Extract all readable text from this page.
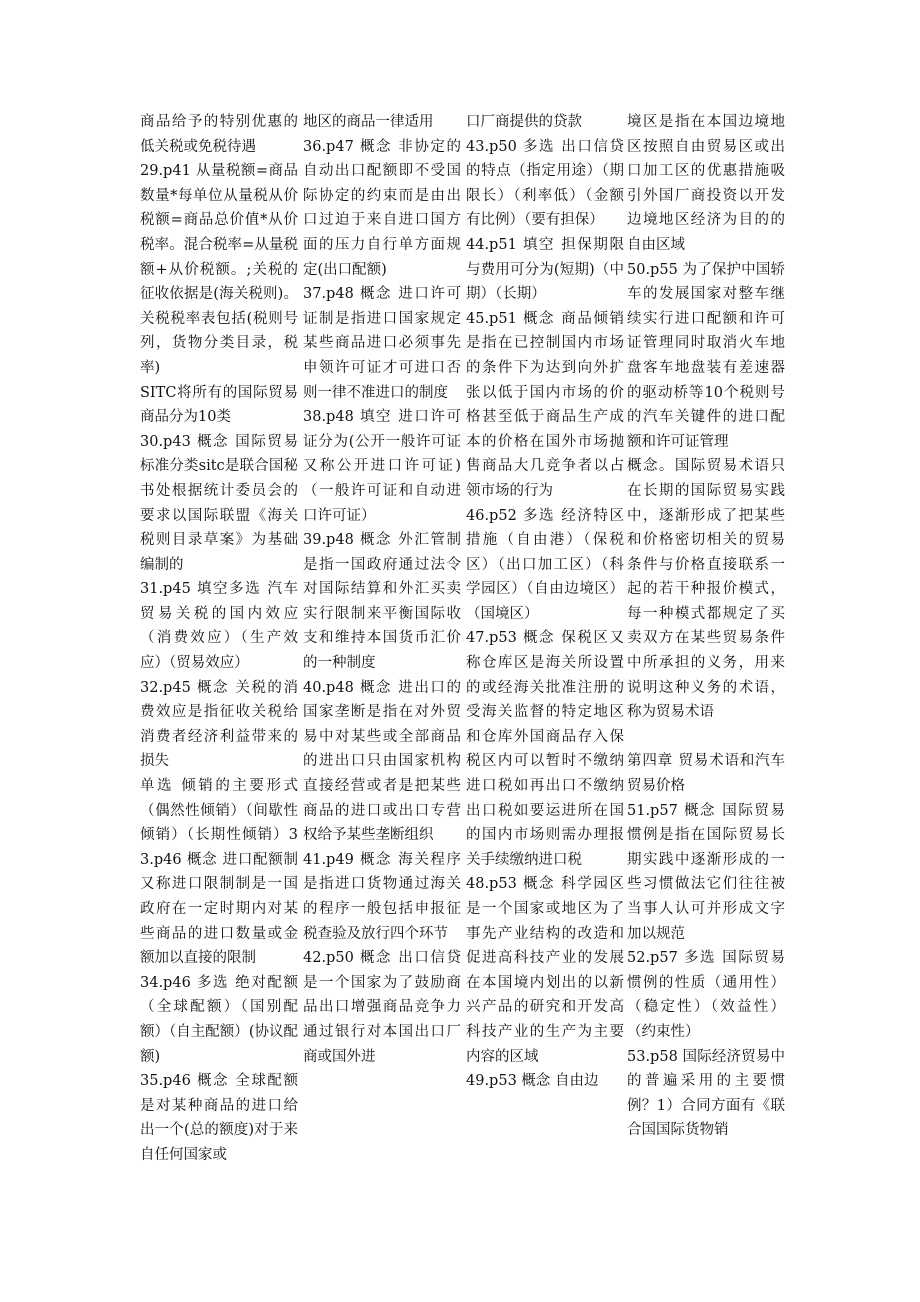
商品给予的特别优惠的低关税或免税待遇

29.p41 从量税额=商品数量*每单位从量税从价税额=商品总价值*从价税率。混合税率=从量税额+从价税额。;关税的征收依据是(海关税则)。关税税率表包括(税则号列，货物分类目录，税率)

SITC将所有的国际贸易商品分为10类

30.p43 概念 国际贸易标准分类sitc是联合国秘书处根据统计委员会的要求以国际联盟《海关税则目录草案》为基础编制的

31.p45 填空多选 汽车贸易关税的国内效应（消费效应）（生产效应）（贸易效应）

32.p45 概念 关税的消费效应是指征收关税给消费者经济利益带来的损失

单选 倾销的主要形式（偶然性倾销）（间歇性倾销）（长期性倾销）33.p46 概念 进口配额制又称进口限制制是一国政府在一定时期内对某些商品的进口数量或金额加以直接的限制

34.p46 多选 绝对配额（全球配额）（国别配额）（自主配额）(协议配额)

35.p46 概念 全球配额是对某种商品的进口给出一个(总的额度)对于来自任何国家或

地区的商品一律适用

36.p47 概念 非协定的自动出口配额即不受国际协定的约束而是由出口过迫于来自进口国方面的压力自行单方面规定(出口配额)

37.p48 概念 进口许可证制是指进口国家规定某些商品进口必须事先申领许可证才可进口否则一律不准进口的制度

38.p48 填空 进口许可证分为(公开一般许可证又称公开进口许可证)（一般许可证和自动进口许可证）

39.p48 概念 外汇管制是指一国政府通过法令对国际结算和外汇买卖实行限制来平衡国际收支和维持本国货币汇价的一种制度

40.p48 概念 进出口的国家垄断是指在对外贸易中对某些或全部商品的进出口只由国家机构直接经营或者是把某些商品的进口或出口专营权给予某些垄断组织

41.p49 概念 海关程序是指进口货物通过海关的程序一般包括申报征税查验及放行四个环节

42.p50 概念 出口信贷是一个国家为了鼓励商品出口增强商品竞争力通过银行对本国出口厂商或国外进

口厂商提供的贷款

43.p50 多选 出口信贷的特点（指定用途）（期限长）（利率低）（金额有比例）（要有担保）

44.p51 填空 担保期限与费用可分为(短期)（中期）（长期）

45.p51 概念 商品倾销是指在已控制国内市场的条件下为达到向外扩张以低于国内市场的价格甚至低于商品生产成本的价格在国外市场抛售商品大几竞争者以占领市场的行为

46.p52 多选 经济特区措施（自由港）（保税区）（出口加工区）（科学园区）（自由边境区）（国境区）

47.p53 概念 保税区又称仓库区是海关所设置的或经海关批准注册的受海关监督的特定地区和仓库外国商品存入保税区内可以暂时不缴纳进口税如再出口不缴纳出口税如要运进所在国的国内市场则需办理报关手续缴纳进口税

48.p53 概念 科学园区是一个国家或地区为了事先产业结构的改造和促进高科技产业的发展在本国境内划出的以新兴产品的研究和开发高科技产业的生产为主要内容的区域

49.p53 概念 自由边

境区是指在本国边境地区按照自由贸易区或出口加工区的优惠措施吸引外国厂商投资以开发边境地区经济为目的的自由区域

50.p55 为了保护中国轿车的发展国家对整车继续实行进口配额和许可证管理同时取消火车地盘客车地盘装有差速器的驱动桥等10个税则号的汽车关键件的进口配额和许可证管理

概念。国际贸易术语只在长期的国际贸易实践中，逐渐形成了把某些和价格密切相关的贸易条件与价格直接联系一起的若干种报价模式，每一种模式都规定了买卖双方在某些贸易条件中所承担的义务，用来说明这种义务的术语，称为贸易术语

第四章 贸易术语和汽车贸易价格

51.p57 概念 国际贸易惯例是指在国际贸易长期实践中逐渐形成的一些习惯做法它们往往被当事人认可并形成文字加以规范

52.p57 多选 国际贸易惯例的性质（通用性）（稳定性）（效益性）（约束性）

53.p58 国际经济贸易中的普遍采用的主要惯例？1）合同方面有《联合国国际货物销
